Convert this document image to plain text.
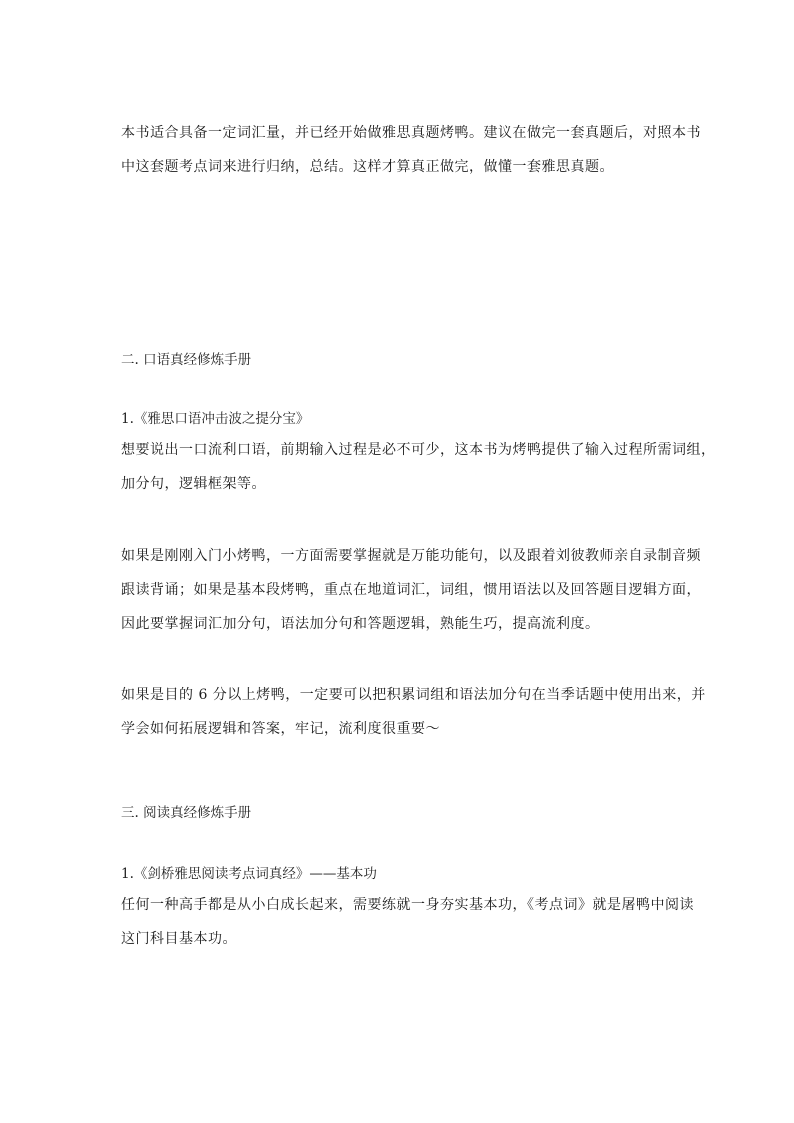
本书适合具备一定词汇量，并已经开始做雅思真题烤鸭。建议在做完一套真题后，对照本书
中这套题考点词来进行归纳，总结。这样才算真正做完，做懂一套雅思真题。
二. 口语真经修炼手册
1.《雅思口语冲击波之提分宝》
想要说出一口流利口语，前期输入过程是必不可少，这本书为烤鸭提供了输入过程所需词组，
加分句，逻辑框架等。
如果是刚刚入门小烤鸭，一方面需要掌握就是万能功能句，以及跟着刘彼教师亲自录制音频
跟读背诵；如果是基本段烤鸭，重点在地道词汇，词组，惯用语法以及回答题目逻辑方面，
因此要掌握词汇加分句，语法加分句和答题逻辑，熟能生巧，提高流利度。
如果是目的 6 分以上烤鸭，一定要可以把积累词组和语法加分句在当季话题中使用出来，并
学会如何拓展逻辑和答案，牢记，流利度很重要～
三. 阅读真经修炼手册
1.《剑桥雅思阅读考点词真经》——基本功
任何一种高手都是从小白成长起来，需要练就一身夯实基本功，《考点词》就是屠鸭中阅读
这门科目基本功。
